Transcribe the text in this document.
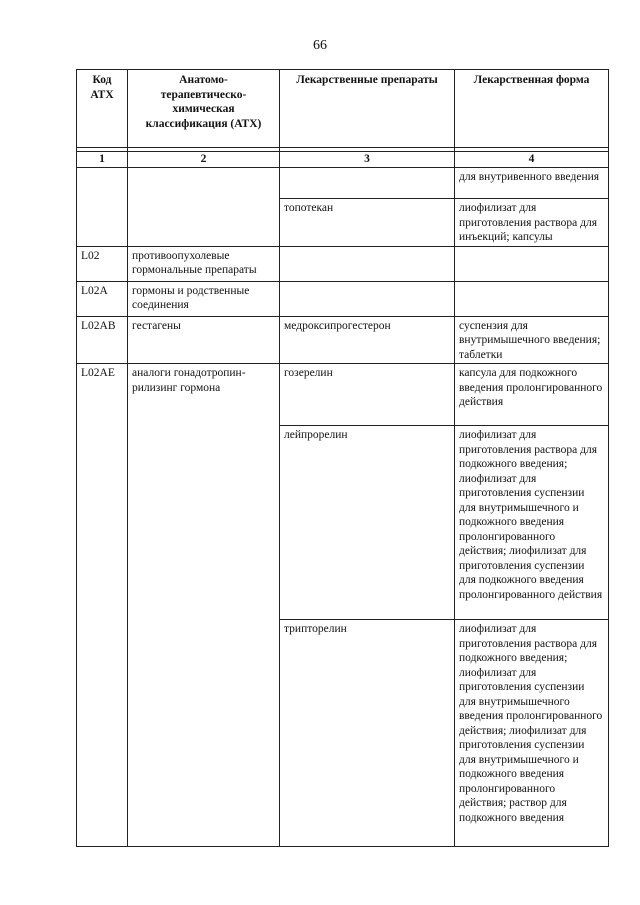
66
Код АТХ	Анатомо-терапевтическо-химическая классификация (АТХ)	Лекарственные препараты	Лекарственная форма

1	2	3	4
			для внутривенного введения
		топотекан	лиофилизат для приготовления раствора для инъекций; капсулы
L02	противоопухолевые гормональные препараты		
L02A	гормоны и родственные соединения		
L02AB	гестагены	медроксипрогестерон	суспензия для внутримышечного введения; таблетки
L02AE	аналоги гонадотропин-рилизинг гормона	гозерелин	капсула для подкожного введения пролонгированного действия
		лейпрорелин	лиофилизат для приготовления раствора для подкожного введения; лиофилизат для приготовления суспензии для внутримышечного и подкожного введения пролонгированного действия; лиофилизат для приготовления суспензии для подкожного введения пролонгированного действия
		трипторелин	лиофилизат для приготовления раствора для подкожного введения; лиофилизат для приготовления суспензии для внутримышечного введения пролонгированного действия; лиофилизат для приготовления суспензии для внутримышечного и подкожного введения пролонгированного действия; раствор для подкожного введения
